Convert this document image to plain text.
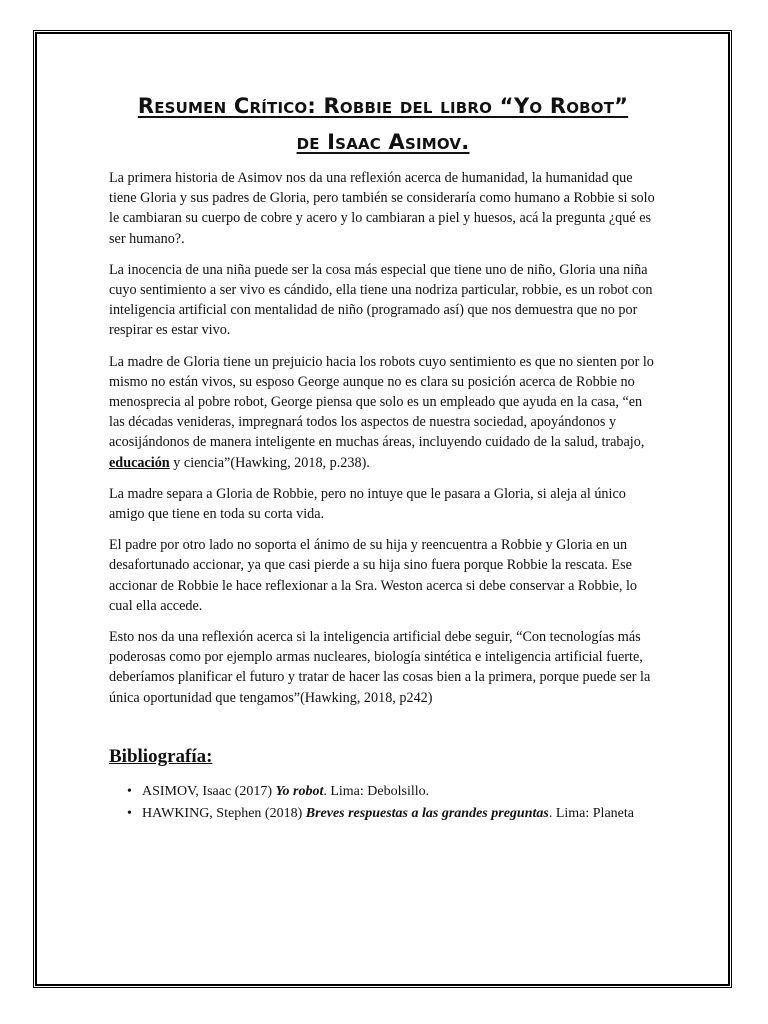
Resumen Crítico: Robbie del libro “Yo Robot”
de Isaac Asimov.

La primera historia de Asimov nos da una reflexión acerca de humanidad, la humanidad que tiene Gloria y sus padres de Gloria, pero también se consideraría como humano a Robbie si solo le cambiaran su cuerpo de cobre y acero y lo cambiaran a piel y huesos, acá la pregunta ¿qué es ser humano?.

La inocencia de una niña puede ser la cosa más especial que tiene uno de niño, Gloria una niña cuyo sentimiento a ser vivo es cándido, ella tiene una nodriza particular, robbie, es un robot con inteligencia artificial con mentalidad de niño (programado así) que nos demuestra que no por respirar es estar vivo.

La madre de Gloria tiene un prejuicio hacia los robots cuyo sentimiento es que no sienten por lo mismo no están vivos, su esposo George aunque no es clara su posición acerca de Robbie no menosprecia al pobre robot, George piensa que solo es un empleado que ayuda en la casa, “en las décadas venideras, impregnará todos los aspectos de nuestra sociedad, apoyándonos y acosijándonos de manera inteligente en muchas áreas, incluyendo cuidado de la salud, trabajo, educación y ciencia”(Hawking, 2018, p.238).

La madre separa a Gloria de Robbie, pero no intuye que le pasara a Gloria, si aleja al único amigo que tiene en toda su corta vida.

El padre por otro lado no soporta el ánimo de su hija y reencuentra a Robbie y Gloria en un desafortunado accionar, ya que casi pierde a su hija sino fuera porque Robbie la rescata. Ese accionar de Robbie le hace reflexionar a la Sra. Weston acerca si debe conservar a Robbie, lo cual ella accede.

Esto nos da una reflexión acerca si la inteligencia artificial debe seguir, “Con tecnologías más poderosas como por ejemplo armas nucleares, biología sintética e inteligencia artificial fuerte, deberíamos planificar el futuro y tratar de hacer las cosas bien a la primera, porque puede ser la única oportunidad que tengamos”(Hawking, 2018, p242)

Bibliografía:
• ASIMOV, Isaac (2017) Yo robot. Lima: Debolsillo.
• HAWKING, Stephen (2018) Breves respuestas a las grandes preguntas. Lima: Planeta
